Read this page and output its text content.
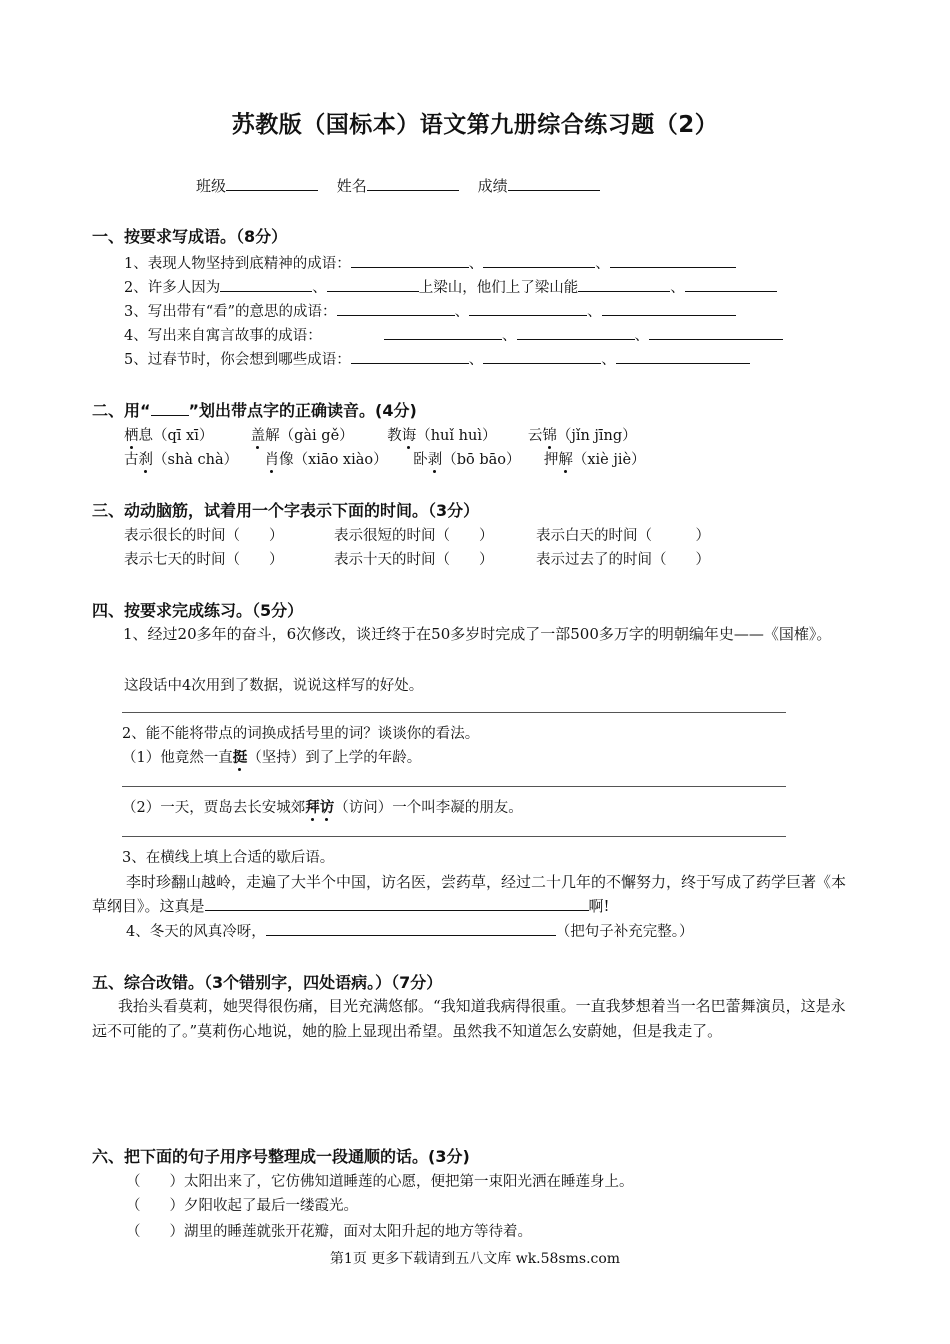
苏教版（国标本）语文第九册综合练习题（2）
班级	姓名	成绩
一、按要求写成语。（8分）
1、表现人物坚持到底精神的成语：	、	、
2、许多人因为	、	上梁山，他们上了梁山能	、
3、写出带有“看”的意思的成语：	、	、
4、写出来自寓言故事的成语：	、	、
5、过春节时，你会想到哪些成语：	、	、
二、用“ ”划出带点字的正确读音。(4分)
栖息（qī xī）	盖解（gài gě） 教诲（huǐ huì） 云锦（jǐn jīng）
古刹（shà chà） 肖像（xiāo xiào） 卧剥（bō bāo） 押解（xiè jiè）
三、动动脑筋，试着用一个字表示下面的时间。（3分）
表示很长的时间（　　）	表示很短的时间（　　）	表示白天的时间（　　　）
表示七天的时间（　　）	表示十天的时间（　　）	表示过去了的时间（　　）
四、按要求完成练习。（5分）
1、经过20多年的奋斗，6次修改，谈迁终于在50多岁时完成了一部500多万字的明朝编年史——《国榷》。
这段话中4次用到了数据，说说这样写的好处。
2、能不能将带点的词换成括号里的词？谈谈你的看法。
（1）他竟然一直挺（坚持）到了上学的年龄。
（2）一天，贾岛去长安城郊拜访（访问）一个叫李凝的朋友。
3、在横线上填上合适的歇后语。
李时珍翻山越岭，走遍了大半个中国，访名医，尝药草，经过二十几年的不懈努力，终于写成了药学巨著《本草纲目》。这真是	啊!
4、冬天的风真冷呀，	（把句子补充完整。）
五、综合改错。（3个错别字，四处语病。）（7分）
我抬头看莫莉，她哭得很伤痛，目光充满悠郁。“我知道我病得很重。一直我梦想着当一名巴蕾舞演员，这是永远不可能的了。”莫莉伤心地说，她的脸上显现出希望。虽然我不知道怎么安蔚她，但是我走了。
六、把下面的句子用序号整理成一段通顺的话。(3分)
（　　）太阳出来了，它仿佛知道睡莲的心愿，便把第一束阳光洒在睡莲身上。
（　　）夕阳收起了最后一缕霞光。
（　　）湖里的睡莲就张开花瓣，面对太阳升起的地方等待着。
第1页 更多下载请到五八文库 wk.58sms.com
